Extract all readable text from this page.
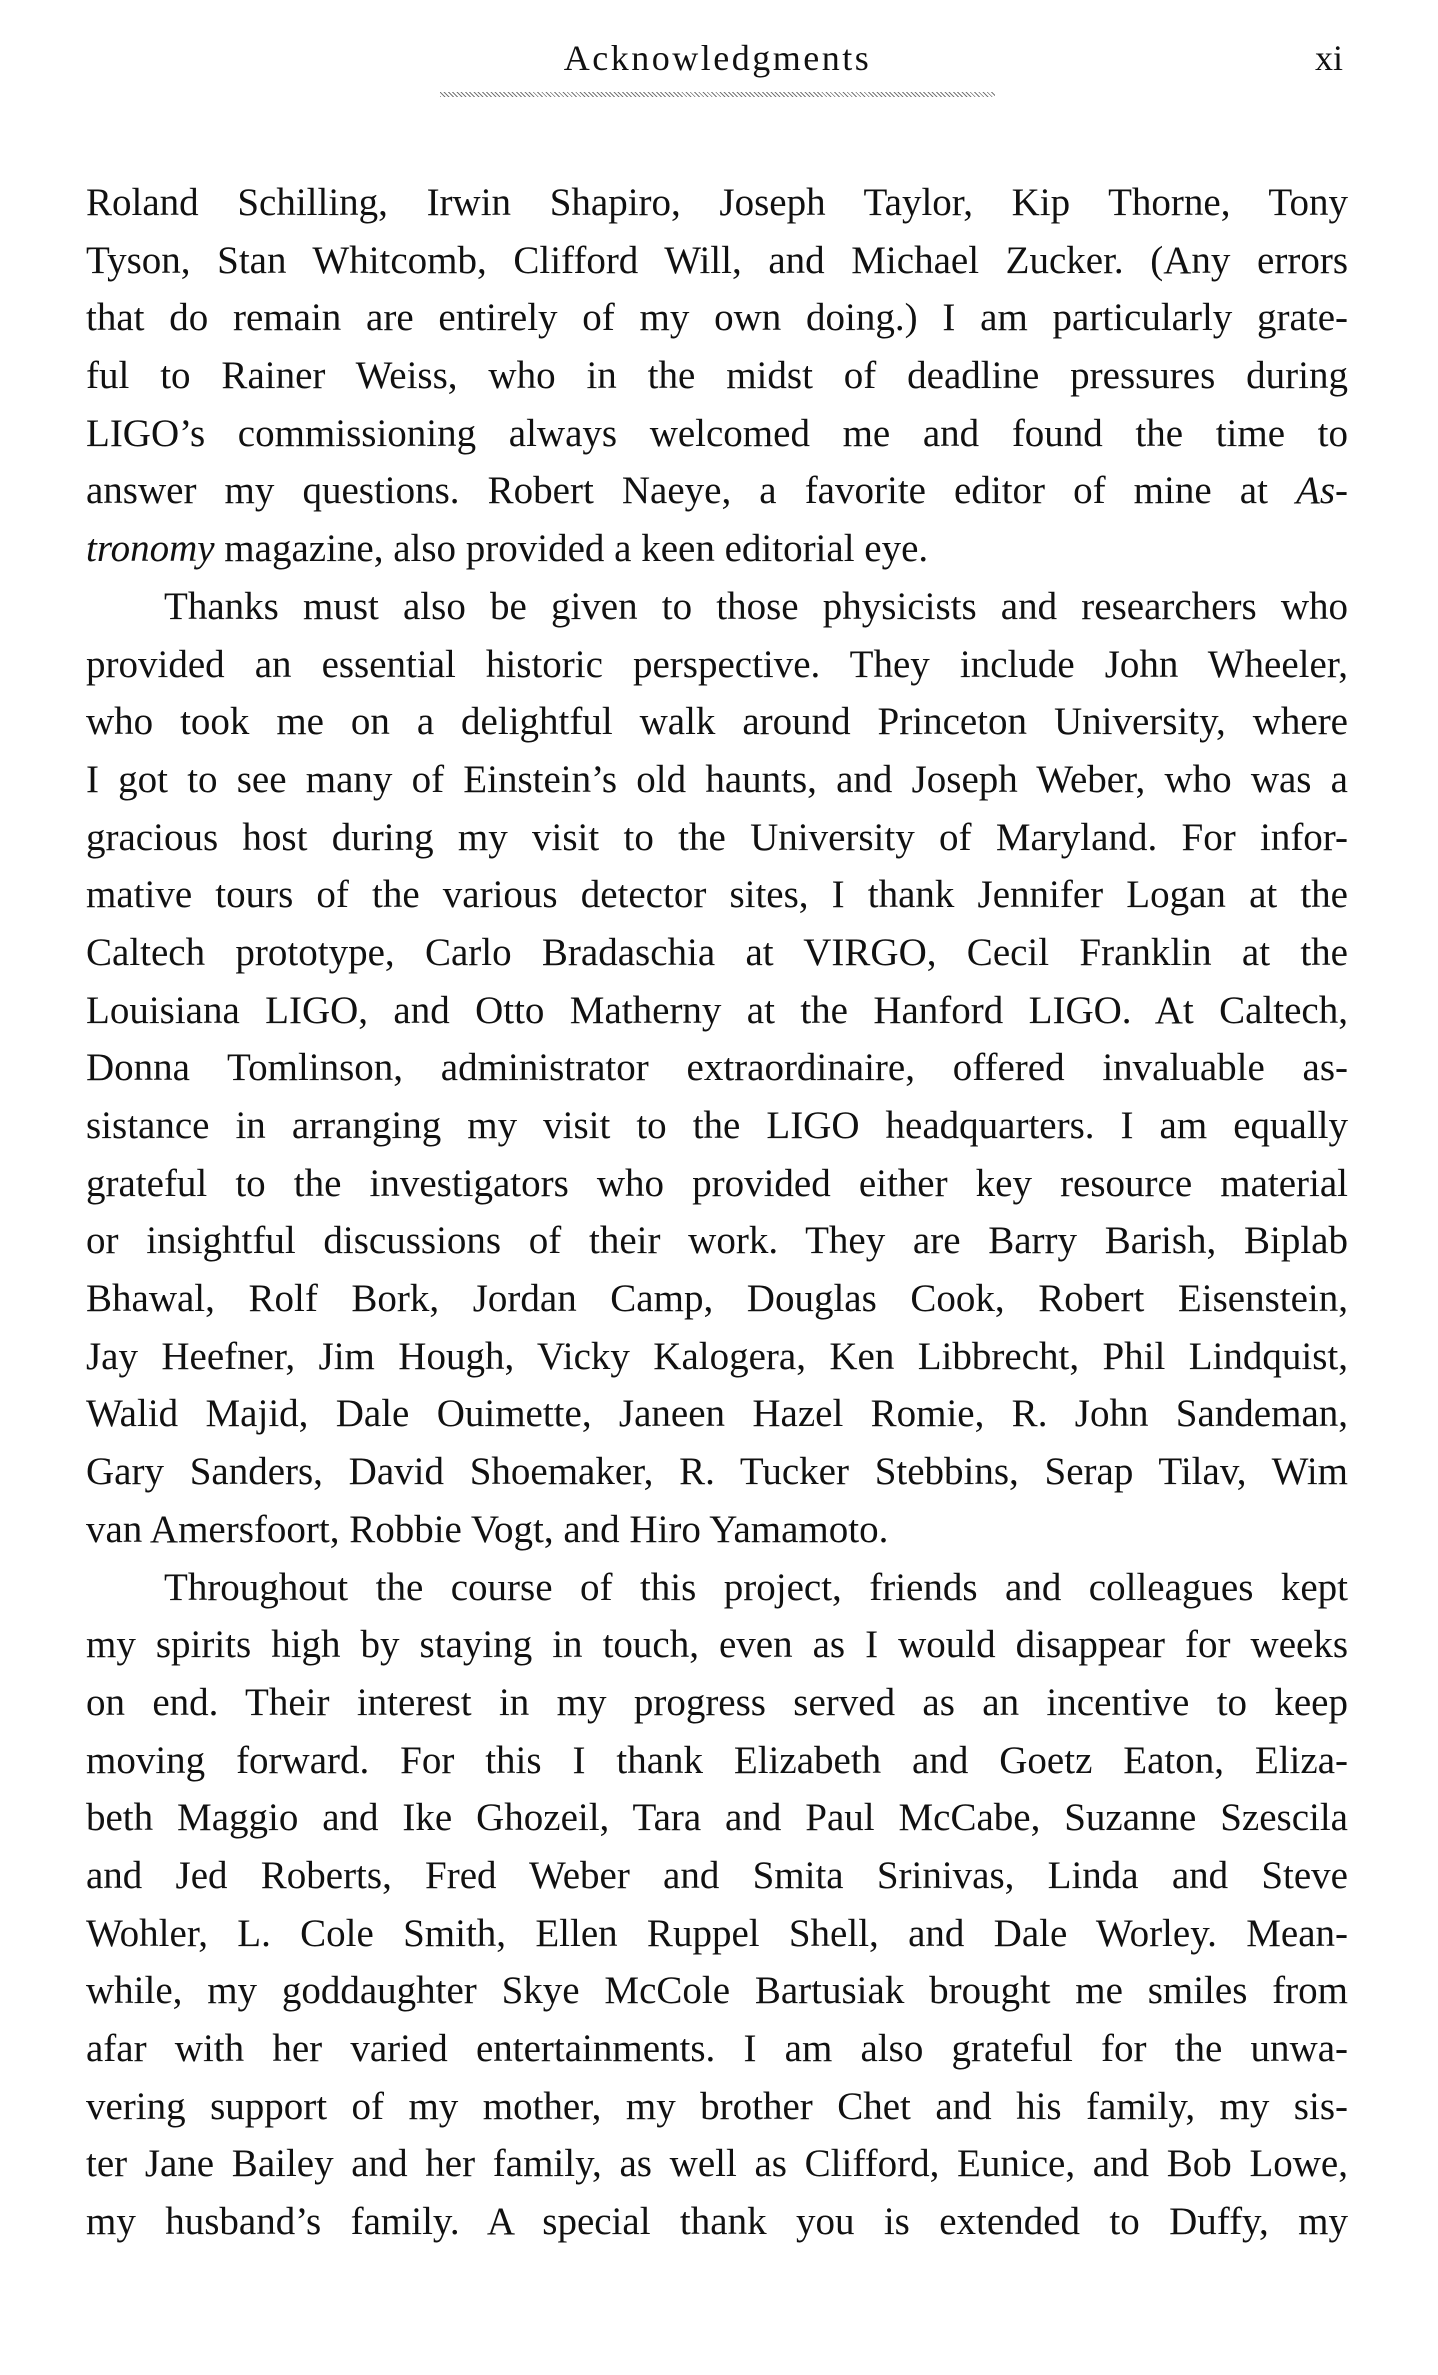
Acknowledgments	xi
Roland Schilling, Irwin Shapiro, Joseph Taylor, Kip Thorne, Tony
Tyson, Stan Whitcomb, Clifford Will, and Michael Zucker. (Any errors
that do remain are entirely of my own doing.) I am particularly grate-
ful to Rainer Weiss, who in the midst of deadline pressures during
LIGO’s commissioning always welcomed me and found the time to
answer my questions. Robert Naeye, a favorite editor of mine at As-
tronomy magazine, also provided a keen editorial eye.
Thanks must also be given to those physicists and researchers who
provided an essential historic perspective. They include John Wheeler,
who took me on a delightful walk around Princeton University, where
I got to see many of Einstein’s old haunts, and Joseph Weber, who was a
gracious host during my visit to the University of Maryland. For infor-
mative tours of the various detector sites, I thank Jennifer Logan at the
Caltech prototype, Carlo Bradaschia at VIRGO, Cecil Franklin at the
Louisiana LIGO, and Otto Matherny at the Hanford LIGO. At Caltech,
Donna Tomlinson, administrator extraordinaire, offered invaluable as-
sistance in arranging my visit to the LIGO headquarters. I am equally
grateful to the investigators who provided either key resource material
or insightful discussions of their work. They are Barry Barish, Biplab
Bhawal, Rolf Bork, Jordan Camp, Douglas Cook, Robert Eisenstein,
Jay Heefner, Jim Hough, Vicky Kalogera, Ken Libbrecht, Phil Lindquist,
Walid Majid, Dale Ouimette, Janeen Hazel Romie, R. John Sandeman,
Gary Sanders, David Shoemaker, R. Tucker Stebbins, Serap Tilav, Wim
van Amersfoort, Robbie Vogt, and Hiro Yamamoto.
Throughout the course of this project, friends and colleagues kept
my spirits high by staying in touch, even as I would disappear for weeks
on end. Their interest in my progress served as an incentive to keep
moving forward. For this I thank Elizabeth and Goetz Eaton, Eliza-
beth Maggio and Ike Ghozeil, Tara and Paul McCabe, Suzanne Szescila
and Jed Roberts, Fred Weber and Smita Srinivas, Linda and Steve
Wohler, L. Cole Smith, Ellen Ruppel Shell, and Dale Worley. Mean-
while, my goddaughter Skye McCole Bartusiak brought me smiles from
afar with her varied entertainments. I am also grateful for the unwa-
vering support of my mother, my brother Chet and his family, my sis-
ter Jane Bailey and her family, as well as Clifford, Eunice, and Bob Lowe,
my husband’s family. A special thank you is extended to Duffy, my
